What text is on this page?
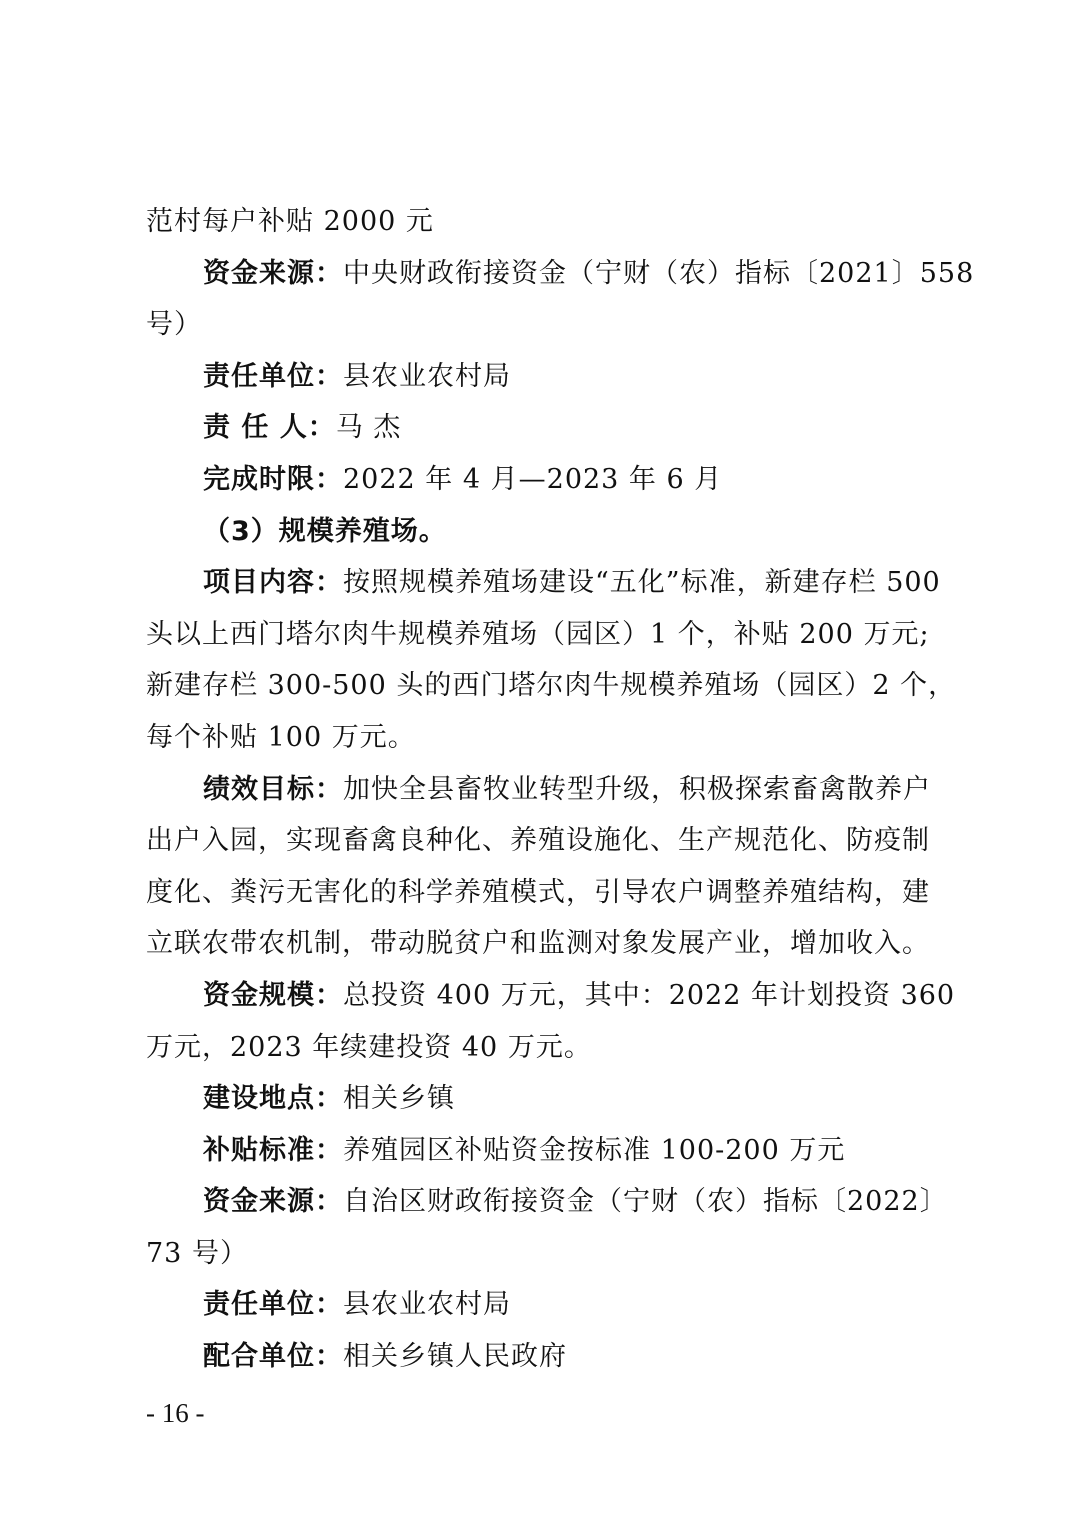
范村每户补贴 2000 元
资金来源：中央财政衔接资金（宁财（农）指标〔2021〕558
号）
责任单位：县农业农村局
责 任 人：马 杰
完成时限：2022 年 4 月—2023 年 6 月
（3）规模养殖场。
项目内容：按照规模养殖场建设“五化”标准，新建存栏 500
头以上西门塔尔肉牛规模养殖场（园区）1 个，补贴 200 万元;
新建存栏 300-500 头的西门塔尔肉牛规模养殖场（园区）2 个，
每个补贴 100 万元。
绩效目标：加快全县畜牧业转型升级，积极探索畜禽散养户
出户入园，实现畜禽良种化、养殖设施化、生产规范化、防疫制
度化、粪污无害化的科学养殖模式，引导农户调整养殖结构，建
立联农带农机制，带动脱贫户和监测对象发展产业，增加收入。
资金规模：总投资 400 万元，其中：2022 年计划投资 360
万元，2023 年续建投资 40 万元。
建设地点：相关乡镇
补贴标准：养殖园区补贴资金按标准 100-200 万元
资金来源：自治区财政衔接资金（宁财（农）指标〔2022〕
73 号）
责任单位：县农业农村局
配合单位：相关乡镇人民政府
- 16 -
